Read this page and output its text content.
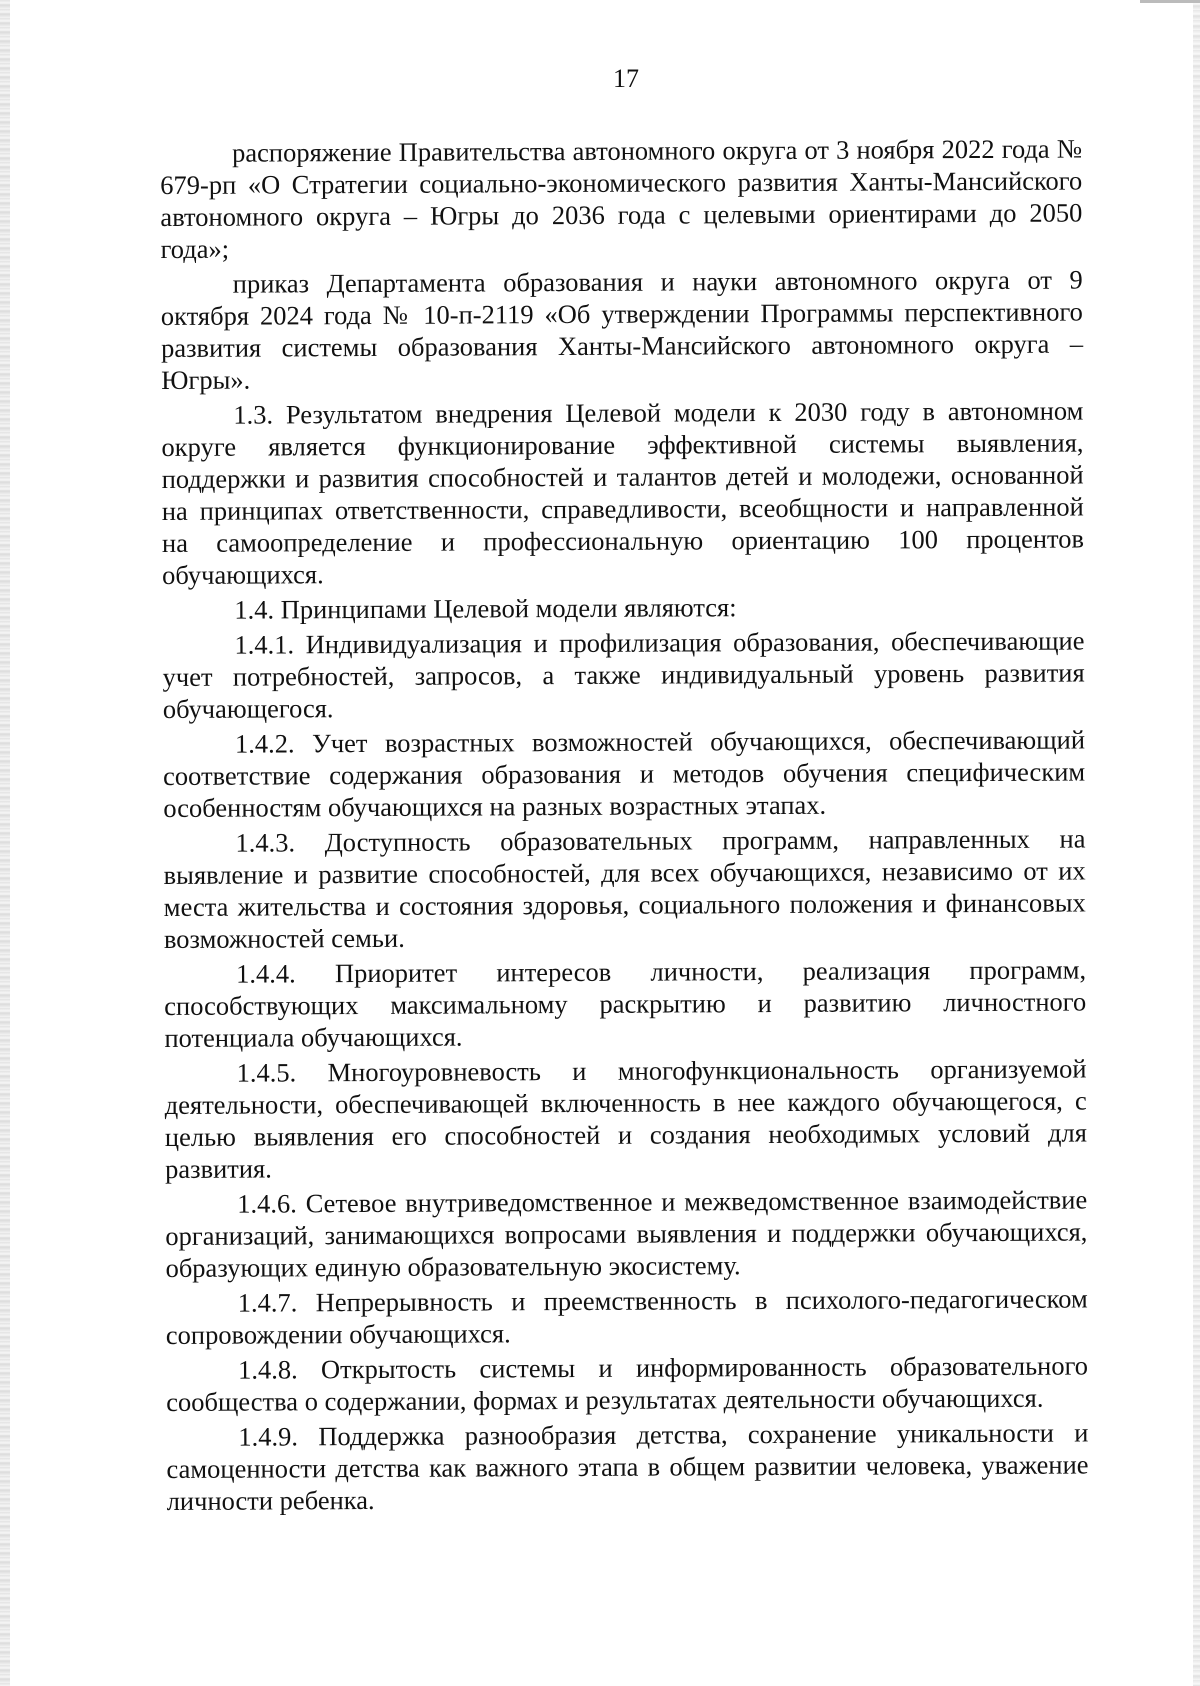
17

распоряжение Правительства автономного округа от 3 ноября 2022 года № 679-рп «О Стратегии социально-экономического развития Ханты-Мансийского автономного округа – Югры до 2036 года с целевыми ориентирами до 2050 года»;

приказ Департамента образования и науки автономного округа от 9 октября 2024 года № 10-п-2119 «Об утверждении Программы перспективного развития системы образования Ханты-Мансийского автономного округа – Югры».

1.3. Результатом внедрения Целевой модели к 2030 году в автономном округе является функционирование эффективной системы выявления, поддержки и развития способностей и талантов детей и молодежи, основанной на принципах ответственности, справедливости, всеобщности и направленной на самоопределение и профессиональную ориентацию 100 процентов обучающихся.

1.4. Принципами Целевой модели являются:

1.4.1. Индивидуализация и профилизация образования, обеспечивающие учет потребностей, запросов, а также индивидуальный уровень развития обучающегося.

1.4.2. Учет возрастных возможностей обучающихся, обеспечивающий соответствие содержания образования и методов обучения специфическим особенностям обучающихся на разных возрастных этапах.

1.4.3. Доступность образовательных программ, направленных на выявление и развитие способностей, для всех обучающихся, независимо от их места жительства и состояния здоровья, социального положения и финансовых возможностей семьи.

1.4.4. Приоритет интересов личности, реализация программ, способствующих максимальному раскрытию и развитию личностного потенциала обучающихся.

1.4.5. Многоуровневость и многофункциональность организуемой деятельности, обеспечивающей включенность в нее каждого обучающегося, с целью выявления его способностей и создания необходимых условий для развития.

1.4.6. Сетевое внутриведомственное и межведомственное взаимодействие организаций, занимающихся вопросами выявления и поддержки обучающихся, образующих единую образовательную экосистему.

1.4.7. Непрерывность и преемственность в психолого-педагогическом сопровождении обучающихся.

1.4.8. Открытость системы и информированность образовательного сообщества о содержании, формах и результатах деятельности обучающихся.

1.4.9. Поддержка разнообразия детства, сохранение уникальности и самоценности детства как важного этапа в общем развитии человека, уважение личности ребенка.
